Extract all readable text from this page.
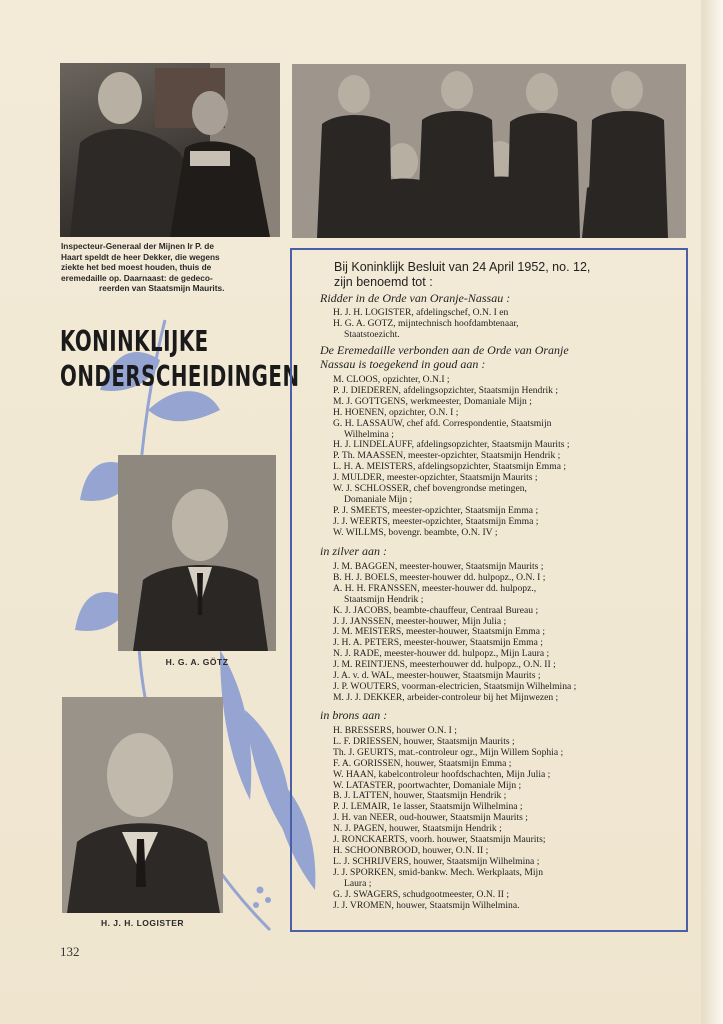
Inspecteur-Generaal der Mijnen Ir P. de
Haart speldt de heer Dekker, die wegens
ziekte het bed moest houden, thuis de
eremedaille op. Daarnaast: de gedeco-
reerden van Staatsmijn Maurits.
KONINKLIJKE
ONDERSCHEIDINGEN
H. G. A. GÖTZ
H. J. H. LOGISTER
Bij Koninklijk Besluit van 24 April 1952, no. 12,
zijn benoemd tot :
Ridder in de Orde van Oranje-Nassau :
H. J. H. LOGISTER, afdelingschef, O.N. I en
H. G. A. GÖTZ, mijntechnisch hoofdambtenaar,
Staatstoezicht.
De Eremedaille verbonden aan de Orde van Oranje
Nassau is toegekend in goud aan :
M. CLOOS, opzichter, O.N.I ;
P. J. DIEDEREN, afdelingsopzichter, Staatsmijn Hendrik ;
M. J. GÖTTGENS, werkmeester, Domaniale Mijn ;
H. HOENEN, opzichter, O.N. I ;
G. H. LASSAUW, chef afd. Correspondentie, Staatsmijn
Wilhelmina ;
H. J. LINDELAUFF, afdelingsopzichter, Staatsmijn Maurits ;
P. Th. MAASSEN, meester-opzichter, Staatsmijn Hendrik ;
L. H. A. MEISTERS, afdelingsopzichter, Staatsmijn Emma ;
J. MULDER, meester-opzichter, Staatsmijn Maurits ;
W. J. SCHLÖSSER, chef bovengrondse metingen,
Domaniale Mijn ;
P. J. SMEETS, meester-opzichter, Staatsmijn Emma ;
J. J. WEERTS, meester-opzichter, Staatsmijn Emma ;
W. WILLMS, bovengr. beambte, O.N. IV ;
in zilver aan :
J. M. BAGGEN, meester-houwer, Staatsmijn Maurits ;
B. H. J. BOELS, meester-houwer dd. hulpopz., O.N. I ;
A. H. H. FRANSSEN, meester-houwer dd. hulpopz.,
Staatsmijn Hendrik ;
K. J. JACOBS, beambte-chauffeur, Centraal Bureau ;
J. J. JANSSEN, meester-houwer, Mijn Julia ;
J. M. MEISTERS, meester-houwer, Staatsmijn Emma ;
J. H. A. PETERS, meester-houwer, Staatsmijn Emma ;
N. J. RADE, meester-houwer dd. hulpopz., Mijn Laura ;
J. M. REINTJENS, meesterhouwer dd. hulpopz., O.N. II ;
J. A. v. d. WAL, meester-houwer, Staatsmijn Maurits ;
J. P. WOUTERS, voorman-electricien, Staatsmijn Wilhelmina ;
M. J. J. DEKKER, arbeider-controleur bij het Mijnwezen ;
in brons aan :
H. BRESSERS, houwer O.N. I ;
L. F. DRIESSEN, houwer, Staatsmijn Maurits ;
Th. J. GEURTS, mat.-controleur ogr., Mijn Willem Sophia ;
F. A. GORISSEN, houwer, Staatsmijn Emma ;
W. HAAN, kabelcontroleur hoofdschachten, Mijn Julia ;
W. LATASTER, poortwachter, Domaniale Mijn ;
B. J. LATTEN, houwer, Staatsmijn Hendrik ;
P. J. LEMAIR, 1e lasser, Staatsmijn Wilhelmina ;
J. H. van NEER, oud-houwer, Staatsmijn Maurits ;
N. J. PAGEN, houwer, Staatsmijn Hendrik ;
J. RONCKAERTS, voorh. houwer, Staatsmijn Maurits;
H. SCHOONBROOD, houwer, O.N. II ;
L. J. SCHRIJVERS, houwer, Staatsmijn Wilhelmina ;
J. J. SPORKEN, smid-bankw. Mech. Werkplaats, Mijn
Laura ;
G. J. SWAGERS, schudgootmeester, O.N. II ;
J. J. VROMEN, houwer, Staatsmijn Wilhelmina.
132
